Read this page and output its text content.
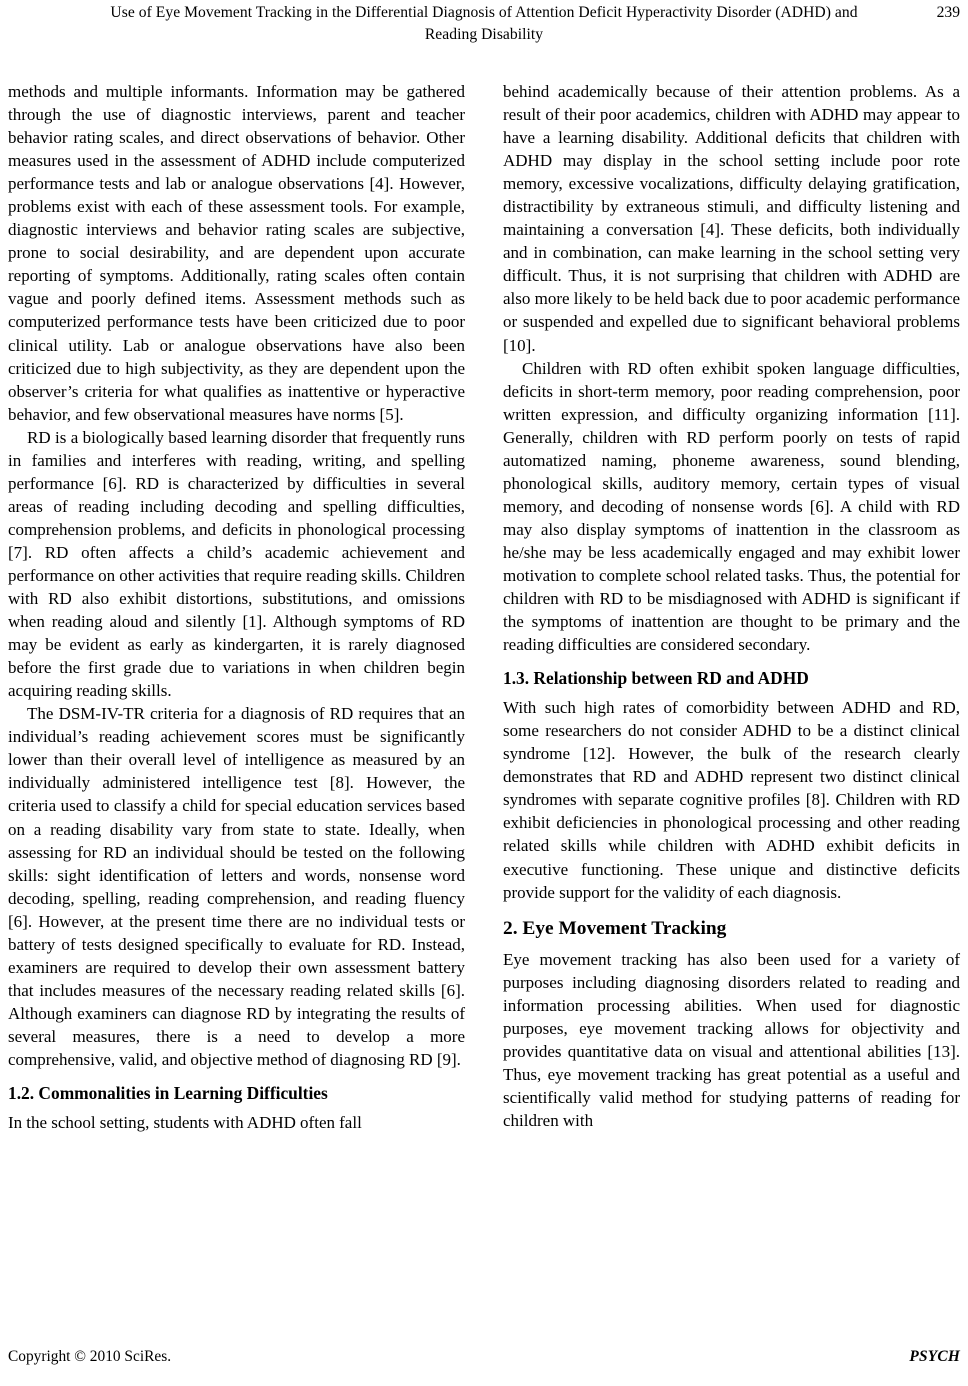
Use of Eye Movement Tracking in the Differential Diagnosis of Attention Deficit Hyperactivity Disorder (ADHD) and Reading Disability
239

methods and multiple informants. Information may be gathered through the use of diagnostic interviews, parent and teacher behavior rating scales, and direct observations of behavior. Other measures used in the assessment of ADHD include computerized performance tests and lab or analogue observations [4]. However, problems exist with each of these assessment tools. For example, diagnostic interviews and behavior rating scales are subjective, prone to social desirability, and are dependent upon accurate reporting of symptoms. Additionally, rating scales often contain vague and poorly defined items. Assessment methods such as computerized performance tests have been criticized due to poor clinical utility. Lab or analogue observations have also been criticized due to high subjectivity, as they are dependent upon the observer’s criteria for what qualifies as inattentive or hyperactive behavior, and few observational measures have norms [5].

RD is a biologically based learning disorder that frequently runs in families and interferes with reading, writing, and spelling performance [6]. RD is characterized by difficulties in several areas of reading including decoding and spelling difficulties, comprehension problems, and deficits in phonological processing [7]. RD often affects a child’s academic achievement and performance on other activities that require reading skills. Children with RD also exhibit distortions, substitutions, and omissions when reading aloud and silently [1]. Although symptoms of RD may be evident as early as kindergarten, it is rarely diagnosed before the first grade due to variations in when children begin acquiring reading skills.

The DSM-IV-TR criteria for a diagnosis of RD requires that an individual’s reading achievement scores must be significantly lower than their overall level of intelligence as measured by an individually administered intelligence test [8]. However, the criteria used to classify a child for special education services based on a reading disability vary from state to state. Ideally, when assessing for RD an individual should be tested on the following skills: sight identification of letters and words, nonsense word decoding, spelling, reading comprehension, and reading fluency [6]. However, at the present time there are no individual tests or battery of tests designed specifically to evaluate for RD. Instead, examiners are required to develop their own assessment battery that includes measures of the necessary reading related skills [6]. Although examiners can diagnose RD by integrating the results of several measures, there is a need to develop a more comprehensive, valid, and objective method of diagnosing RD [9].

1.2. Commonalities in Learning Difficulties

In the school setting, students with ADHD often fall

behind academically because of their attention problems. As a result of their poor academics, children with ADHD may appear to have a learning disability. Additional deficits that children with ADHD may display in the school setting include poor rote memory, excessive vocalizations, difficulty delaying gratification, distractibility by extraneous stimuli, and difficulty listening and maintaining a conversation [4]. These deficits, both individually and in combination, can make learning in the school setting very difficult. Thus, it is not surprising that children with ADHD are also more likely to be held back due to poor academic performance or suspended and expelled due to significant behavioral problems [10].

Children with RD often exhibit spoken language difficulties, deficits in short-term memory, poor reading comprehension, poor written expression, and difficulty organizing information [11]. Generally, children with RD perform poorly on tests of rapid automatized naming, phoneme awareness, sound blending, phonological skills, auditory memory, certain types of visual memory, and decoding of nonsense words [6]. A child with RD may also display symptoms of inattention in the classroom as he/she may be less academically engaged and may exhibit lower motivation to complete school related tasks. Thus, the potential for children with RD to be misdiagnosed with ADHD is significant if the symptoms of inattention are thought to be primary and the reading difficulties are considered secondary.

1.3. Relationship between RD and ADHD

With such high rates of comorbidity between ADHD and RD, some researchers do not consider ADHD to be a distinct clinical syndrome [12]. However, the bulk of the research clearly demonstrates that RD and ADHD represent two distinct clinical syndromes with separate cognitive profiles [8]. Children with RD exhibit deficiencies in phonological processing and other reading related skills while children with ADHD exhibit deficits in executive functioning. These unique and distinctive deficits provide support for the validity of each diagnosis.

2. Eye Movement Tracking

Eye movement tracking has also been used for a variety of purposes including diagnosing disorders related to reading and information processing abilities. When used for diagnostic purposes, eye movement tracking allows for objectivity and provides quantitative data on visual and attentional abilities [13]. Thus, eye movement tracking has great potential as a useful and scientifically valid method for studying patterns of reading for children with

Copyright © 2010 SciRes.	PSYCH
